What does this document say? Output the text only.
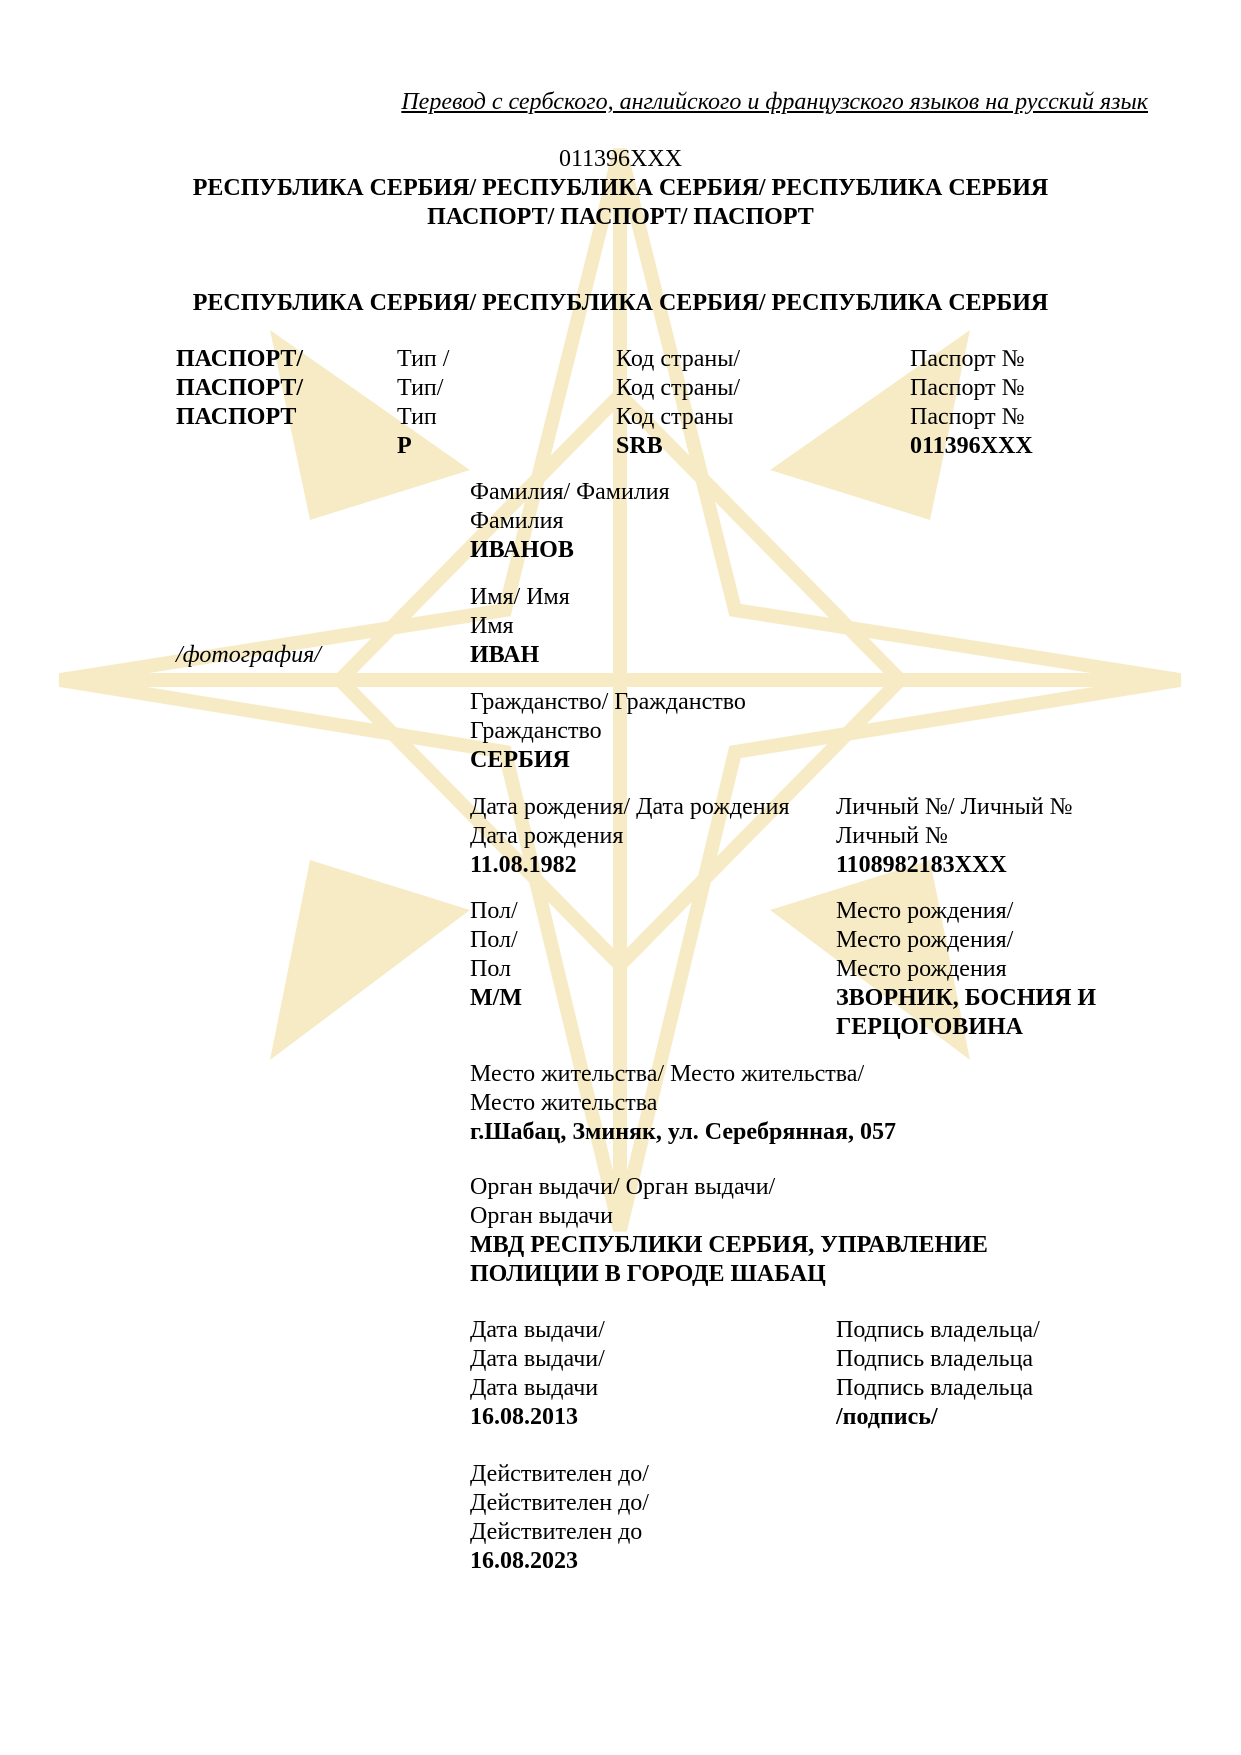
Перевод с сербского, английского и французского языков на русский язык
011396XXX
РЕСПУБЛИКА СЕРБИЯ/ РЕСПУБЛИКА СЕРБИЯ/ РЕСПУБЛИКА СЕРБИЯ
ПАСПОРТ/ ПАСПОРТ/ ПАСПОРТ
РЕСПУБЛИКА СЕРБИЯ/ РЕСПУБЛИКА СЕРБИЯ/ РЕСПУБЛИКА СЕРБИЯ
ПАСПОРТ/
ПАСПОРТ/
ПАСПОРТ
Тип /
Тип/
Тип
P
Код страны/
Код страны/
Код страны
SRB
Паспорт №
Паспорт №
Паспорт №
011396XXX
Фамилия/ Фамилия
Фамилия
ИВАНОВ
Имя/ Имя
Имя
ИВАН
/фотография/
Гражданство/ Гражданство
Гражданство
СЕРБИЯ
Дата рождения/ Дата рождения
Дата рождения
11.08.1982
Личный №/ Личный №
Личный №
1108982183XXX
Пол/
Пол/
Пол
М/М
Место рождения/
Место рождения/
Место рождения
ЗВОРНИК, БОСНИЯ И
ГЕРЦОГОВИНА
Место жительства/ Место жительства/
Место жительства
г.Шабац, Зминяк, ул. Серебрянная, 057
Орган выдачи/ Орган выдачи/
Орган выдачи
МВД РЕСПУБЛИКИ СЕРБИЯ, УПРАВЛЕНИЕ
ПОЛИЦИИ В ГОРОДЕ ШАБАЦ
Дата выдачи/
Дата выдачи/
Дата выдачи
16.08.2013
Подпись владельца/
Подпись владельца
Подпись владельца
/подпись/
Действителен до/
Действителен до/
Действителен до
16.08.2023
